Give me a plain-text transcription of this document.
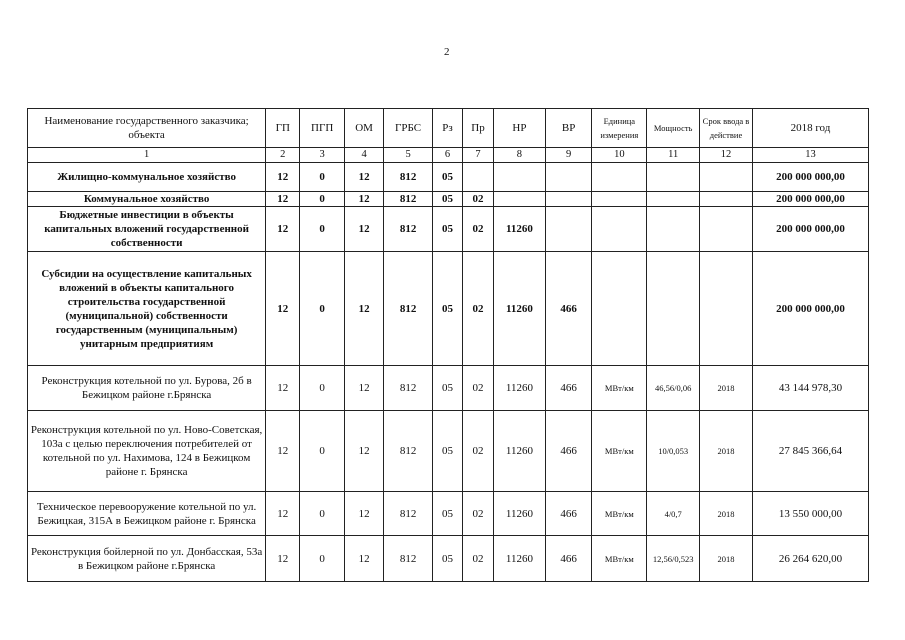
2
Наименование государственного заказчика; объекта	ГП	ПГП	ОМ	ГРБС	Рз	Пр	НР	ВР	Единица измерения	Мощность	Срок ввода в действие	2018 год
1	2	3	4	5	6	7	8	9	10	11	12	13
Жилищно-коммунальное хозяйство	12	0	12	812	05							200 000 000,00
Коммунальное хозяйство	12	0	12	812	05	02						200 000 000,00
Бюджетные инвестиции в объекты капитальных вложений государственной собственности	12	0	12	812	05	02	11260					200 000 000,00
Субсидии на осуществление капитальных вложений в объекты капитального строительства государственной (муниципальной) собственности государственным (муниципальным) унитарным предприятиям	12	0	12	812	05	02	11260	466				200 000 000,00
Реконструкция котельной по ул. Бурова, 2б в Бежицком районе г.Брянска	12	0	12	812	05	02	11260	466	МВт/км	46,56/0,06	2018	43 144 978,30
Реконструкция котельной по ул. Ново-Советская, 103а с целью переключения потребителей от котельной по ул. Нахимова, 124 в Бежицком районе г. Брянска	12	0	12	812	05	02	11260	466	МВт/км	10/0,053	2018	27 845 366,64
Техническое перевооружение котельной по ул. Бежицкая, 315А в Бежицком районе г. Брянска	12	0	12	812	05	02	11260	466	МВт/км	4/0,7	2018	13 550 000,00
Реконструкция бойлерной по ул. Донбасская, 53а в Бежицком районе г.Брянска	12	0	12	812	05	02	11260	466	МВт/км	12,56/0,523	2018	26 264 620,00
